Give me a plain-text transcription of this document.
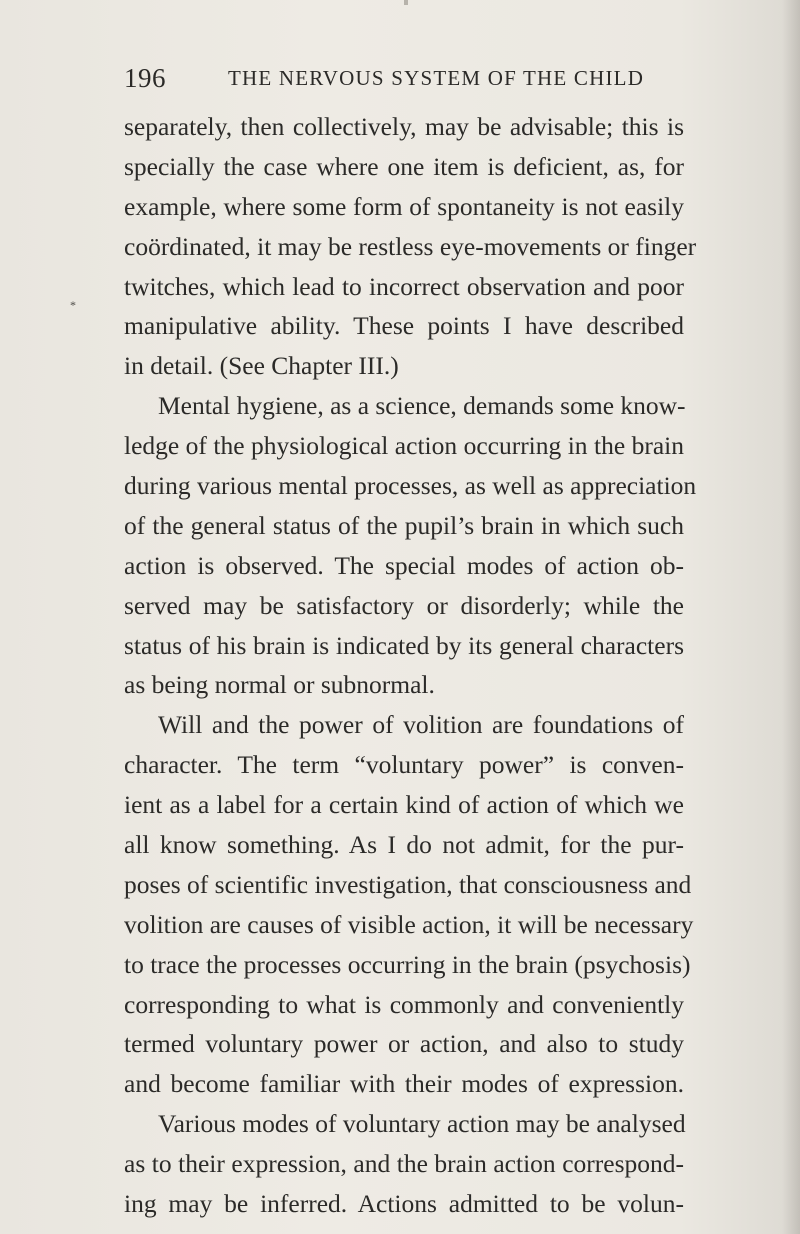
196	THE NERVOUS SYSTEM OF THE CHILD
*
separately, then collectively, may be advisable; this is
specially the case where one item is deficient, as, for
example, where some form of spontaneity is not easily
coördinated, it may be restless eye-movements or finger
twitches, which lead to incorrect observation and poor
manipulative ability. These points I have described
in detail. (See Chapter III.)
Mental hygiene, as a science, demands some know-
ledge of the physiological action occurring in the brain
during various mental processes, as well as appreciation
of the general status of the pupil’s brain in which such
action is observed. The special modes of action ob-
served may be satisfactory or disorderly; while the
status of his brain is indicated by its general characters
as being normal or subnormal.
Will and the power of volition are foundations of
character. The term “voluntary power” is conven-
ient as a label for a certain kind of action of which we
all know something. As I do not admit, for the pur-
poses of scientific investigation, that consciousness and
volition are causes of visible action, it will be necessary
to trace the processes occurring in the brain (psychosis)
corresponding to what is commonly and conveniently
termed voluntary power or action, and also to study
and become familiar with their modes of expression.
Various modes of voluntary action may be analysed
as to their expression, and the brain action correspond-
ing may be inferred. Actions admitted to be volun-
